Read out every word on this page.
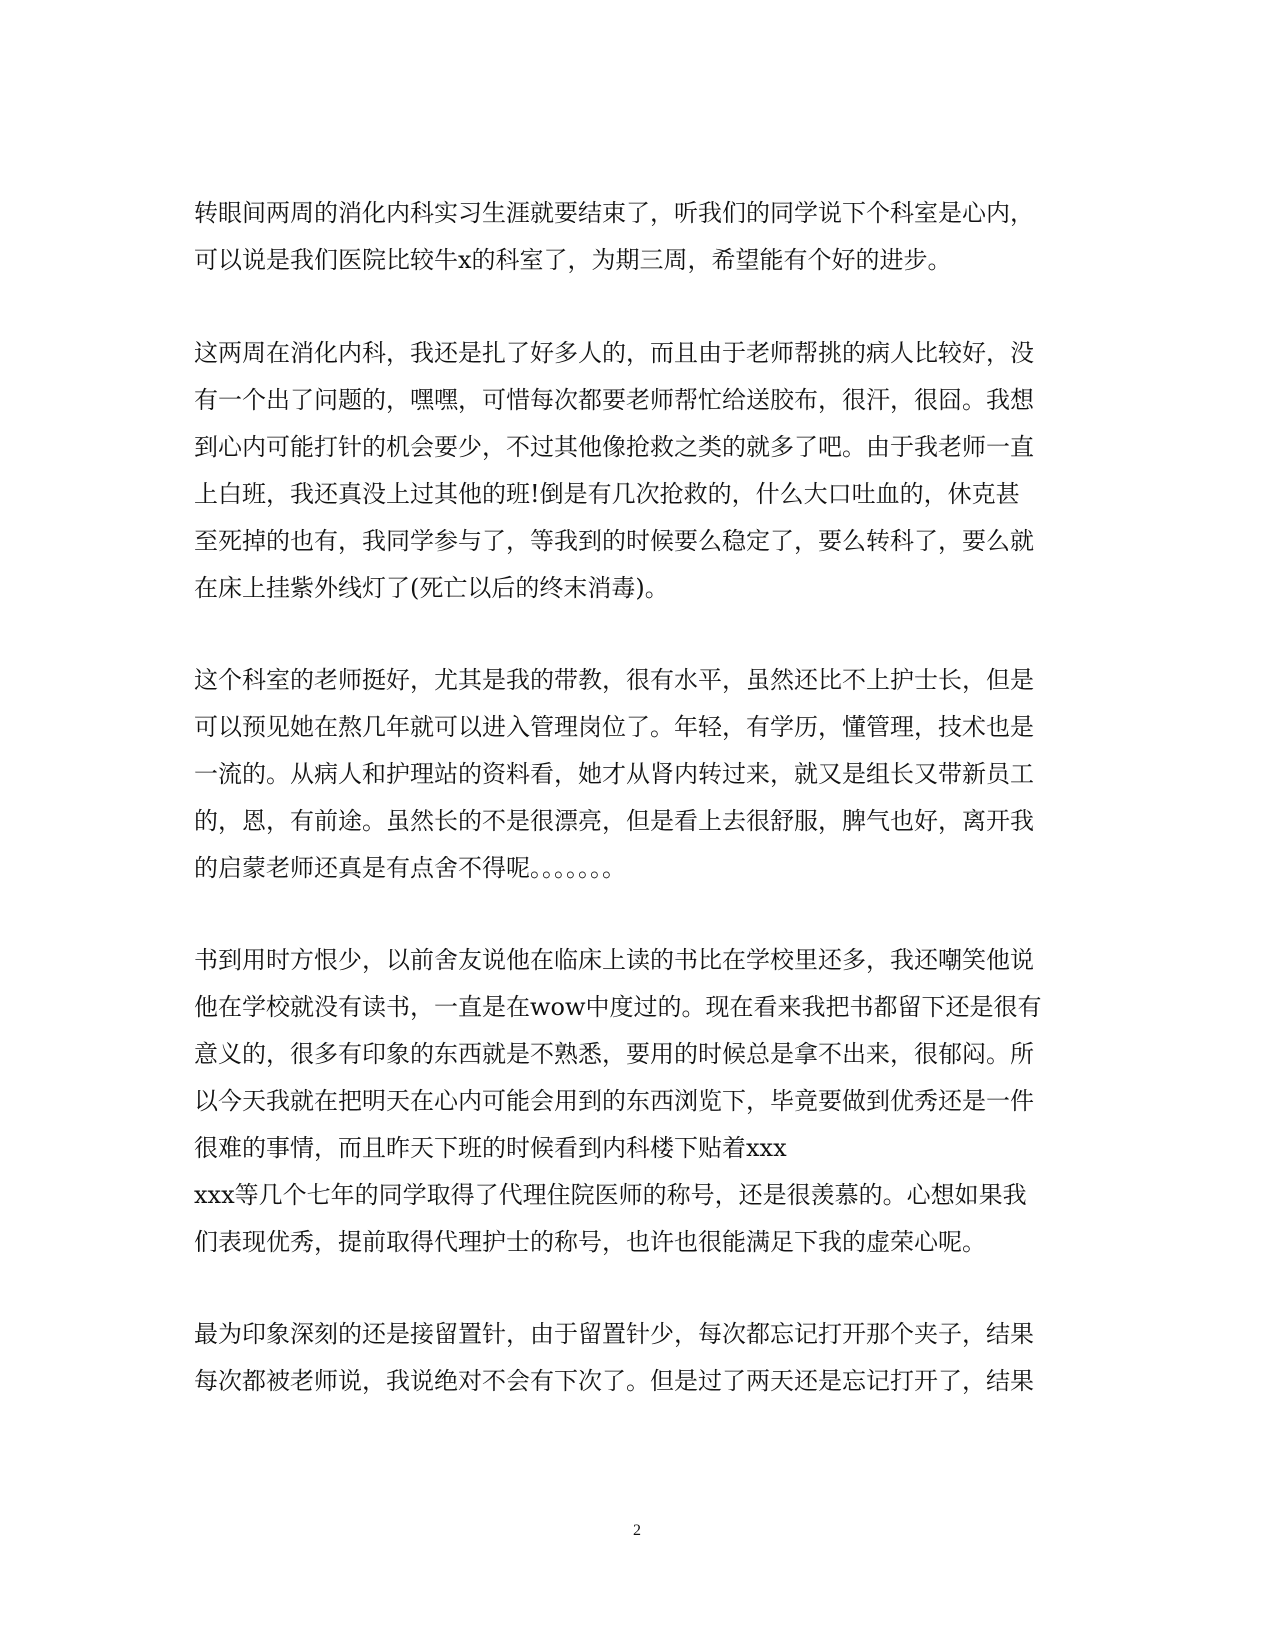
转眼间两周的消化内科实习生涯就要结束了，听我们的同学说下个科室是心内，
可以说是我们医院比较牛x的科室了，为期三周，希望能有个好的进步。
这两周在消化内科，我还是扎了好多人的，而且由于老师帮挑的病人比较好，没
有一个出了问题的，嘿嘿，可惜每次都要老师帮忙给送胶布，很汗，很囧。我想
到心内可能打针的机会要少，不过其他像抢救之类的就多了吧。由于我老师一直
上白班，我还真没上过其他的班!倒是有几次抢救的，什么大口吐血的，休克甚
至死掉的也有，我同学参与了，等我到的时候要么稳定了，要么转科了，要么就
在床上挂紫外线灯了(死亡以后的终末消毒)。
这个科室的老师挺好，尤其是我的带教，很有水平，虽然还比不上护士长，但是
可以预见她在熬几年就可以进入管理岗位了。年轻，有学历，懂管理，技术也是
一流的。从病人和护理站的资料看，她才从肾内转过来，就又是组长又带新员工
的，恩，有前途。虽然长的不是很漂亮，但是看上去很舒服，脾气也好，离开我
的启蒙老师还真是有点舍不得呢。。。。。。。
书到用时方恨少，以前舍友说他在临床上读的书比在学校里还多，我还嘲笑他说
他在学校就没有读书，一直是在wow中度过的。现在看来我把书都留下还是很有
意义的，很多有印象的东西就是不熟悉，要用的时候总是拿不出来，很郁闷。所
以今天我就在把明天在心内可能会用到的东西浏览下，毕竟要做到优秀还是一件
很难的事情，而且昨天下班的时候看到内科楼下贴着xxx
xxx等几个七年的同学取得了代理住院医师的称号，还是很羡慕的。心想如果我
们表现优秀，提前取得代理护士的称号，也许也很能满足下我的虚荣心呢。
最为印象深刻的还是接留置针，由于留置针少，每次都忘记打开那个夹子，结果
每次都被老师说，我说绝对不会有下次了。但是过了两天还是忘记打开了，结果
2
